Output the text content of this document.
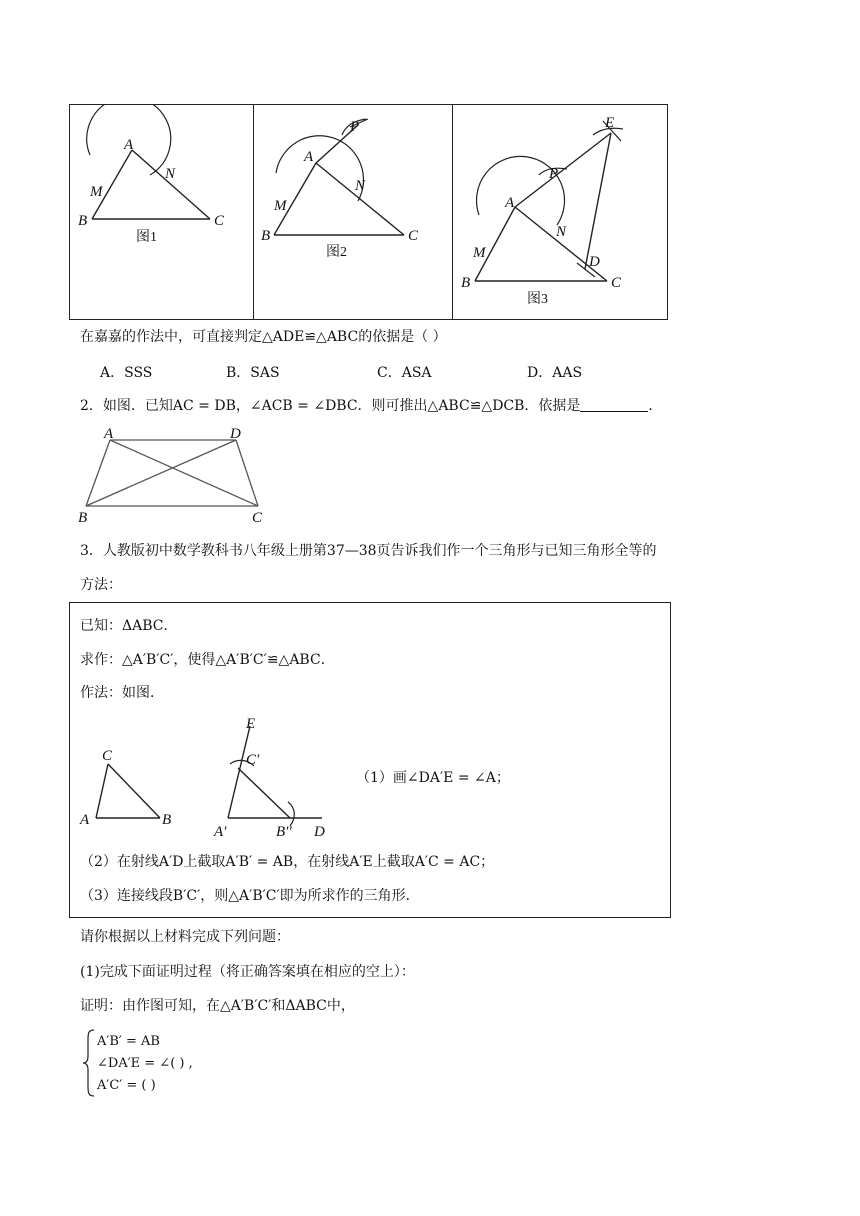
A
N
M
B	C
图1
P
A
N
M
B	C
图2
E
P
A
N
M
D
B	C
图3
在嘉嘉的作法中，可直接判定△ADE≌△ABC的依据是（ ）
A．SSS	B．SAS	C．ASA	D．AAS
2．如图．已知AC = DB，∠ACB = ∠DBC．则可推出△ABC≌△DCB．依据是	．
A	D
B	C
3．人教版初中数学教科书八年级上册第37—38页告诉我们作一个三角形与已知三角形全等的
方法：
已知：ΔABC．
求作：△A′B′C′，使得△A′B′C′≌△ABC．
作法：如图．
C
A	B
E
C′
A′	B′′ D
（1）画∠DA′E = ∠A；
（2）在射线A′D上截取A′B′ = AB，在射线A′E上截取A′C = AC；
（3）连接线段B′C′，则△A′B′C′即为所求作的三角形．
请你根据以上材料完成下列问题：
(1)完成下面证明过程（将正确答案填在相应的空上）：
证明：由作图可知，在△A′B′C′和ΔABC中，
A′B′ = AB
∠DA′E = ∠( ) ,
A′C′ = ( )
